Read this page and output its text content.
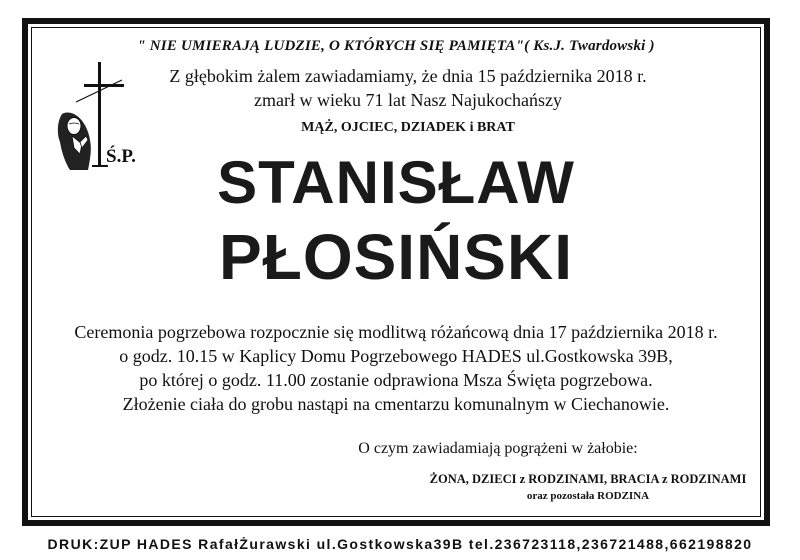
" NIE UMIERAJĄ LUDZIE, O KTÓRYCH SIĘ PAMIĘTA"( Ks.J. Twardowski )
Z głębokim żalem zawiadamiamy, że dnia 15 października 2018 r.
zmarł w wieku 71 lat Nasz Najukochańszy
MĄŻ, OJCIEC, DZIADEK i BRAT
Ś.P.	STANISŁAW
PŁOSIŃSKI
Ceremonia pogrzebowa rozpocznie się modlitwą różańcową dnia 17 października 2018 r.
o godz. 10.15 w Kaplicy Domu Pogrzebowego HADES ul.Gostkowska 39B,
po której o godz. 11.00 zostanie odprawiona Msza Święta pogrzebowa.
Złożenie ciała do grobu nastąpi na cmentarzu komunalnym w Ciechanowie.
O czym zawiadamiają pogrążeni w żałobie:
ŻONA, DZIECI z RODZINAMI, BRACIA z RODZINAMI
oraz pozostała RODZINA
DRUK:ZUP HADES RafałŻurawski ul.Gostkowska39B tel.236723118,236721488,662198820
